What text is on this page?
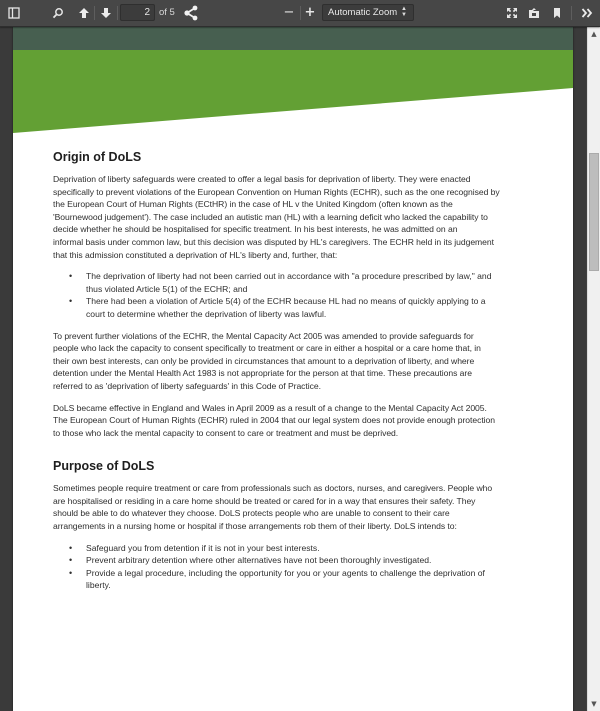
2
of 5	− +	Automatic Zoom ▲
▼
Origin of DoLS

Deprivation of liberty safeguards were created to offer a legal basis for deprivation of liberty. They were enacted
specifically to prevent violations of the European Convention on Human Rights (ECHR), such as the one recognised by
the European Court of Human Rights (ECtHR) in the case of HL v the United Kingdom (often known as the
'Bournewood judgement'). The case included an autistic man (HL) with a learning deficit who lacked the capability to
decide whether he should be hospitalised for specific treatment. In his best interests, he was admitted on an
informal basis under common law, but this decision was disputed by HL's caregivers. The ECHR held in its judgement
that this admission constituted a deprivation of HL's liberty and, further, that:

• The deprivation of liberty had not been carried out in accordance with "a procedure prescribed by law," and
thus violated Article 5(1) of the ECHR; and
• There had been a violation of Article 5(4) of the ECHR because HL had no means of quickly applying to a
court to determine whether the deprivation of liberty was lawful.

To prevent further violations of the ECHR, the Mental Capacity Act 2005 was amended to provide safeguards for
people who lack the capacity to consent specifically to treatment or care in either a hospital or a care home that, in
their own best interests, can only be provided in circumstances that amount to a deprivation of liberty, and where
detention under the Mental Health Act 1983 is not appropriate for the person at that time. These precautions are
referred to as 'deprivation of liberty safeguards' in this Code of Practice.

DoLS became effective in England and Wales in April 2009 as a result of a change to the Mental Capacity Act 2005.
The European Court of Human Rights (ECHR) ruled in 2004 that our legal system does not provide enough protection
to those who lack the mental capacity to consent to care or treatment and must be deprived.

Purpose of DoLS

Sometimes people require treatment or care from professionals such as doctors, nurses, and caregivers. People who
are hospitalised or residing in a care home should be treated or cared for in a way that ensures their safety. They
should be able to do whatever they choose. DoLS protects people who are unable to consent to their care
arrangements in a nursing home or hospital if those arrangements rob them of their liberty. DoLS intends to:

• Safeguard you from detention if it is not in your best interests.
• Prevent arbitrary detention where other alternatives have not been thoroughly investigated.
• Provide a legal procedure, including the opportunity for you or your agents to challenge the deprivation of
liberty.
▲
▼
